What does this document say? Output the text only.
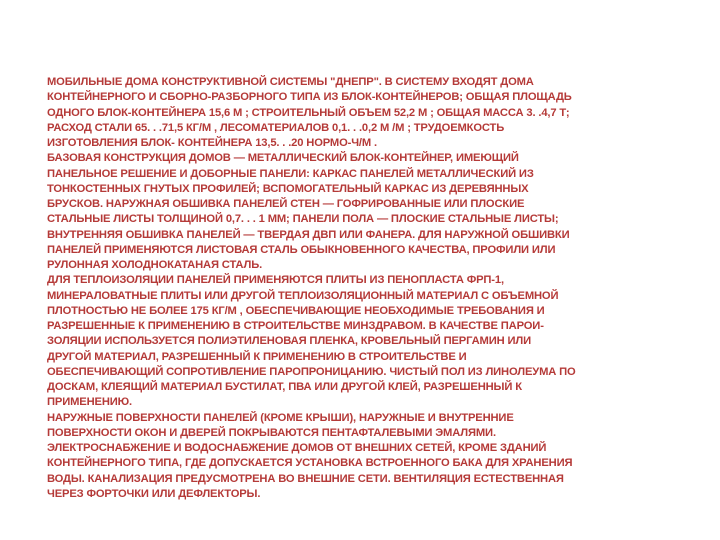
МОБИЛЬНЫЕ ДОМА КОНСТРУКТИВНОЙ СИСТЕМЫ "ДНЕПР". В СИСТЕМУ ВХОДЯТ ДОМА
КОНТЕЙНЕРНОГО И СБОРНО-РАЗБОРНОГО ТИПА ИЗ БЛОК-КОНТЕЙНЕРОВ; ОБЩАЯ ПЛОЩАДЬ
ОДНОГО БЛОК-КОНТЕЙНЕРА 15,6 М ; СТРОИТЕЛЬНЫЙ ОБЪЕМ 52,2 М ; ОБЩАЯ МАССА 3. .4,7 Т;
РАСХОД СТАЛИ 65. . .71,5 КГ/М , ЛЕСОМАТЕРИАЛОВ 0,1. . .0,2 М /М ; ТРУДОЕМКОСТЬ
ИЗГОТОВЛЕНИЯ БЛОК- КОНТЕЙНЕРА 13,5. . .20 НОРМО-Ч/М .
БАЗОВАЯ КОНСТРУКЦИЯ ДОМОВ — МЕТАЛЛИЧЕСКИЙ БЛОК-КОНТЕЙНЕР, ИМЕЮЩИЙ
ПАНЕЛЬНОЕ РЕШЕНИЕ И ДОБОРНЫЕ ПАНЕЛИ: КАРКАС ПАНЕЛЕЙ МЕТАЛЛИЧЕСКИЙ ИЗ
ТОНКОСТЕННЫХ ГНУТЫХ ПРОФИЛЕЙ; ВСПОМОГАТЕЛЬНЫЙ КАРКАС ИЗ ДЕРЕВЯННЫХ
БРУСКОВ. НАРУЖНАЯ ОБШИВКА ПАНЕЛЕЙ СТЕН — ГОФРИРОВАННЫЕ ИЛИ ПЛОСКИЕ
СТАЛЬНЫЕ ЛИСТЫ ТОЛЩИНОЙ 0,7. . . 1 ММ; ПАНЕЛИ ПОЛА — ПЛОСКИЕ СТАЛЬНЫЕ ЛИСТЫ;
ВНУТРЕННЯЯ ОБШИВКА ПАНЕЛЕЙ — ТВЕРДАЯ ДВП ИЛИ ФАНЕРА. ДЛЯ НАРУЖНОЙ ОБШИВКИ
ПАНЕЛЕЙ ПРИМЕНЯЮТСЯ ЛИСТОВАЯ СТАЛЬ ОБЫКНОВЕННОГО КАЧЕСТВА, ПРОФИЛИ ИЛИ
РУЛОННАЯ ХОЛОДНОКАТАНАЯ СТАЛЬ.
ДЛЯ ТЕПЛОИЗОЛЯЦИИ ПАНЕЛЕЙ ПРИМЕНЯЮТСЯ ПЛИТЫ ИЗ ПЕНОПЛАСТА ФРП-1,
МИНЕРАЛОВАТНЫЕ ПЛИТЫ ИЛИ ДРУГОЙ ТЕПЛОИЗОЛЯЦИОННЫЙ МАТЕРИАЛ С ОБЪЕМНОЙ
ПЛОТНОСТЬЮ НЕ БОЛЕЕ 175 КГ/М , ОБЕСПЕЧИВАЮЩИЕ НЕОБХОДИМЫЕ ТРЕБОВАНИЯ И
РАЗРЕШЕННЫЕ К ПРИМЕНЕНИЮ В СТРОИТЕЛЬСТВЕ МИНЗДРАВОМ. В КАЧЕСТВЕ ПАРОИ-
ЗОЛЯЦИИ ИСПОЛЬЗУЕТСЯ ПОЛИЭТИЛЕНОВАЯ ПЛЕНКА, КРОВЕЛЬНЫЙ ПЕРГАМИН ИЛИ
ДРУГОЙ МАТЕРИАЛ, РАЗРЕШЕННЫЙ К ПРИМЕНЕНИЮ В СТРОИТЕЛЬСТВЕ И
ОБЕСПЕЧИВАЮЩИЙ СОПРОТИВЛЕНИЕ ПАРОПРОНИЦАНИЮ. ЧИСТЫЙ ПОЛ ИЗ ЛИНОЛЕУМА ПО
ДОСКАМ, КЛЕЯЩИЙ МАТЕРИАЛ БУСТИЛАТ, ПВА ИЛИ ДРУГОЙ КЛЕЙ, РАЗРЕШЕННЫЙ К
ПРИМЕНЕНИЮ.
НАРУЖНЫЕ ПОВЕРХНОСТИ ПАНЕЛЕЙ (КРОМЕ КРЫШИ), НАРУЖНЫЕ И ВНУТРЕННИЕ
ПОВЕРХНОСТИ ОКОН И ДВЕРЕЙ ПОКРЫВАЮТСЯ ПЕНТАФТАЛЕВЫМИ ЭМАЛЯМИ.
ЭЛЕКТРОСНАБЖЕНИЕ И ВОДОСНАБЖЕНИЕ ДОМОВ ОТ ВНЕШНИХ СЕТЕЙ, КРОМЕ ЗДАНИЙ
КОНТЕЙНЕРНОГО ТИПА, ГДЕ ДОПУСКАЕТСЯ УСТАНОВКА ВСТРОЕННОГО БАКА ДЛЯ ХРАНЕНИЯ
ВОДЫ. КАНАЛИЗАЦИЯ ПРЕДУСМОТРЕНА ВО ВНЕШНИЕ СЕТИ. ВЕНТИЛЯЦИЯ ЕСТЕСТВЕННАЯ
ЧЕРЕЗ ФОРТОЧКИ ИЛИ ДЕФЛЕКТОРЫ.
